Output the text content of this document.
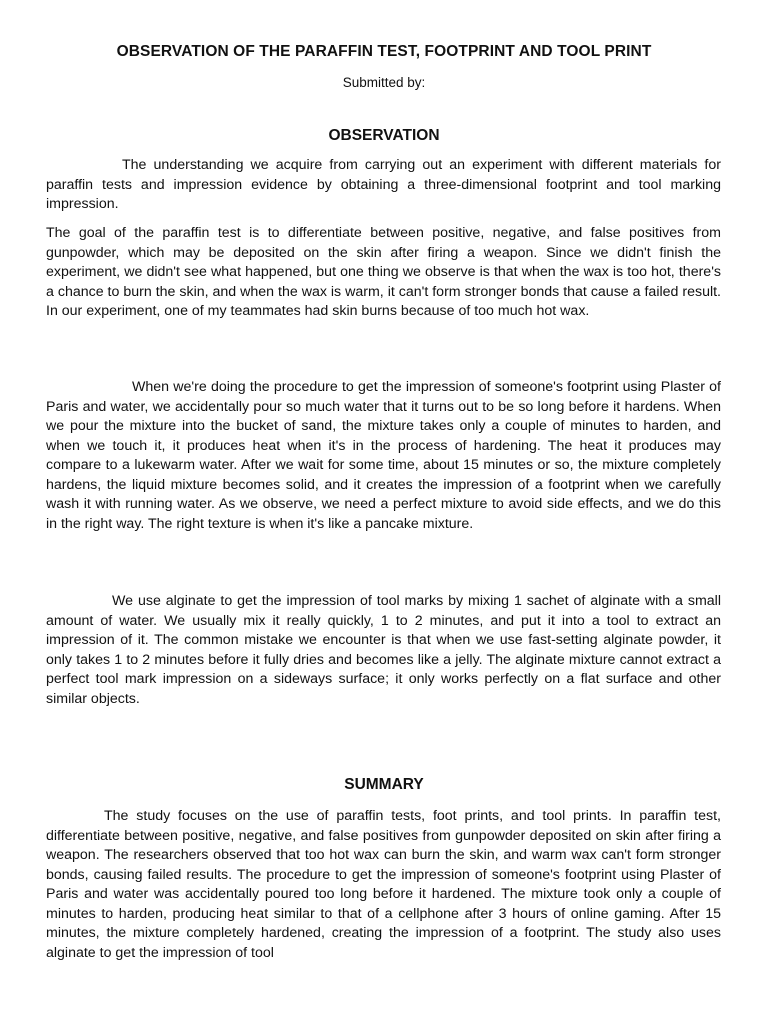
OBSERVATION OF THE PARAFFIN TEST, FOOTPRINT AND TOOL PRINT

Submitted by:

OBSERVATION

The understanding we acquire from carrying out an experiment with different materials for paraffin tests and impression evidence by obtaining a three-dimensional footprint and tool marking impression.

The goal of the paraffin test is to differentiate between positive, negative, and false positives from gunpowder, which may be deposited on the skin after firing a weapon. Since we didn't finish the experiment, we didn't see what happened, but one thing we observe is that when the wax is too hot, there's a chance to burn the skin, and when the wax is warm, it can't form stronger bonds that cause a failed result. In our experiment, one of my teammates had skin burns because of too much hot wax.

When we're doing the procedure to get the impression of someone's footprint using Plaster of Paris and water, we accidentally pour so much water that it turns out to be so long before it hardens. When we pour the mixture into the bucket of sand, the mixture takes only a couple of minutes to harden, and when we touch it, it produces heat when it's in the process of hardening. The heat it produces may compare to a lukewarm water. After we wait for some time, about 15 minutes or so, the mixture completely hardens, the liquid mixture becomes solid, and it creates the impression of a footprint when we carefully wash it with running water. As we observe, we need a perfect mixture to avoid side effects, and we do this in the right way. The right texture is when it's like a pancake mixture.

We use alginate to get the impression of tool marks by mixing 1 sachet of alginate with a small amount of water. We usually mix it really quickly, 1 to 2 minutes, and put it into a tool to extract an impression of it. The common mistake we encounter is that when we use fast-setting alginate powder, it only takes 1 to 2 minutes before it fully dries and becomes like a jelly. The alginate mixture cannot extract a perfect tool mark impression on a sideways surface; it only works perfectly on a flat surface and other similar objects.

SUMMARY

The study focuses on the use of paraffin tests, foot prints, and tool prints. In paraffin test, differentiate between positive, negative, and false positives from gunpowder deposited on skin after firing a weapon. The researchers observed that too hot wax can burn the skin, and warm wax can't form stronger bonds, causing failed results. The procedure to get the impression of someone's footprint using Plaster of Paris and water was accidentally poured too long before it hardened. The mixture took only a couple of minutes to harden, producing heat similar to that of a cellphone after 3 hours of online gaming. After 15 minutes, the mixture completely hardened, creating the impression of a footprint. The study also uses alginate to get the impression of tool
